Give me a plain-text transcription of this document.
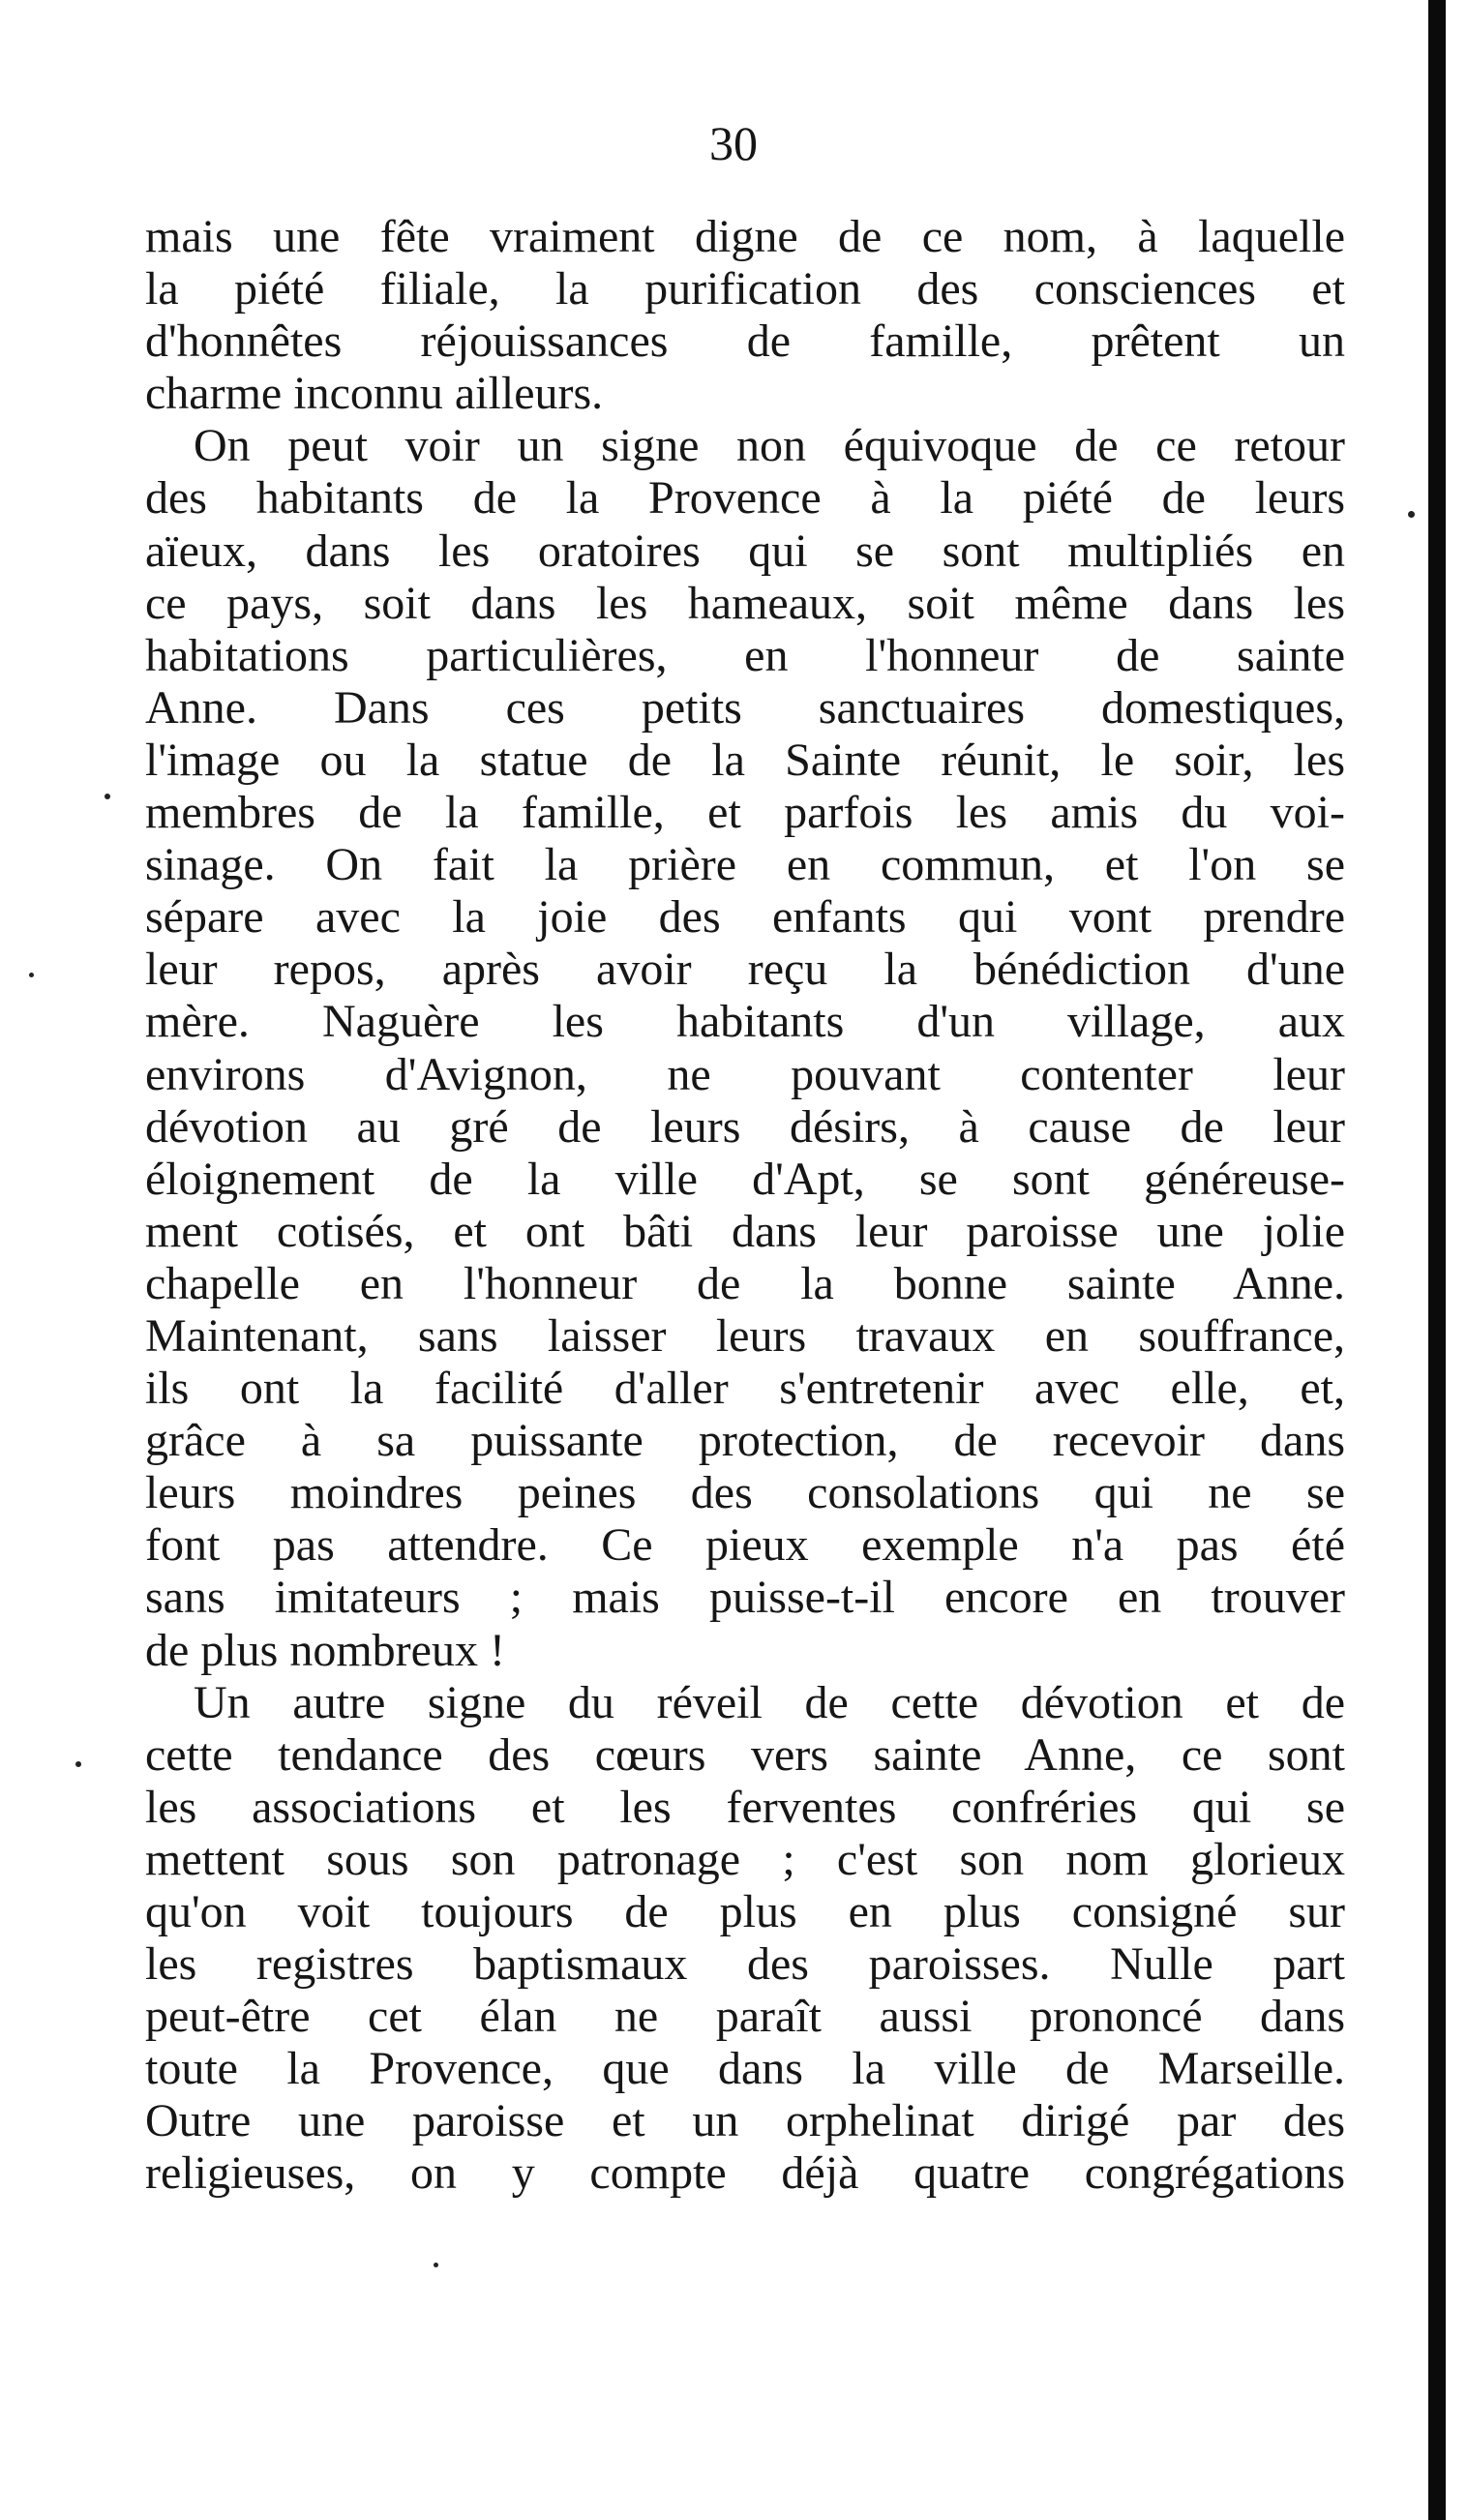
30
mais une fête vraiment digne de ce nom, à laquelle
la piété filiale, la purification des consciences et
d'honnêtes réjouissances de famille, prêtent un
charme inconnu ailleurs.
On peut voir un signe non équivoque de ce retour
des habitants de la Provence à la piété de leurs
aïeux, dans les oratoires qui se sont multipliés en
ce pays, soit dans les hameaux, soit même dans les
habitations particulières, en l'honneur de sainte
Anne. Dans ces petits sanctuaires domestiques,
l'image ou la statue de la Sainte réunit, le soir, les
membres de la famille, et parfois les amis du voi-
sinage. On fait la prière en commun, et l'on se
sépare avec la joie des enfants qui vont prendre
leur repos, après avoir reçu la bénédiction d'une
mère. Naguère les habitants d'un village, aux
environs d'Avignon, ne pouvant contenter leur
dévotion au gré de leurs désirs, à cause de leur
éloignement de la ville d'Apt, se sont généreuse-
ment cotisés, et ont bâti dans leur paroisse une jolie
chapelle en l'honneur de la bonne sainte Anne.
Maintenant, sans laisser leurs travaux en souffrance,
ils ont la facilité d'aller s'entretenir avec elle, et,
grâce à sa puissante protection, de recevoir dans
leurs moindres peines des consolations qui ne se
font pas attendre. Ce pieux exemple n'a pas été
sans imitateurs ; mais puisse-t-il encore en trouver
de plus nombreux !
Un autre signe du réveil de cette dévotion et de
cette tendance des cœurs vers sainte Anne, ce sont
les associations et les ferventes confréries qui se
mettent sous son patronage ; c'est son nom glorieux
qu'on voit toujours de plus en plus consigné sur
les registres baptismaux des paroisses. Nulle part
peut-être cet élan ne paraît aussi prononcé dans
toute la Provence, que dans la ville de Marseille.
Outre une paroisse et un orphelinat dirigé par des
religieuses, on y compte déjà quatre congrégations
